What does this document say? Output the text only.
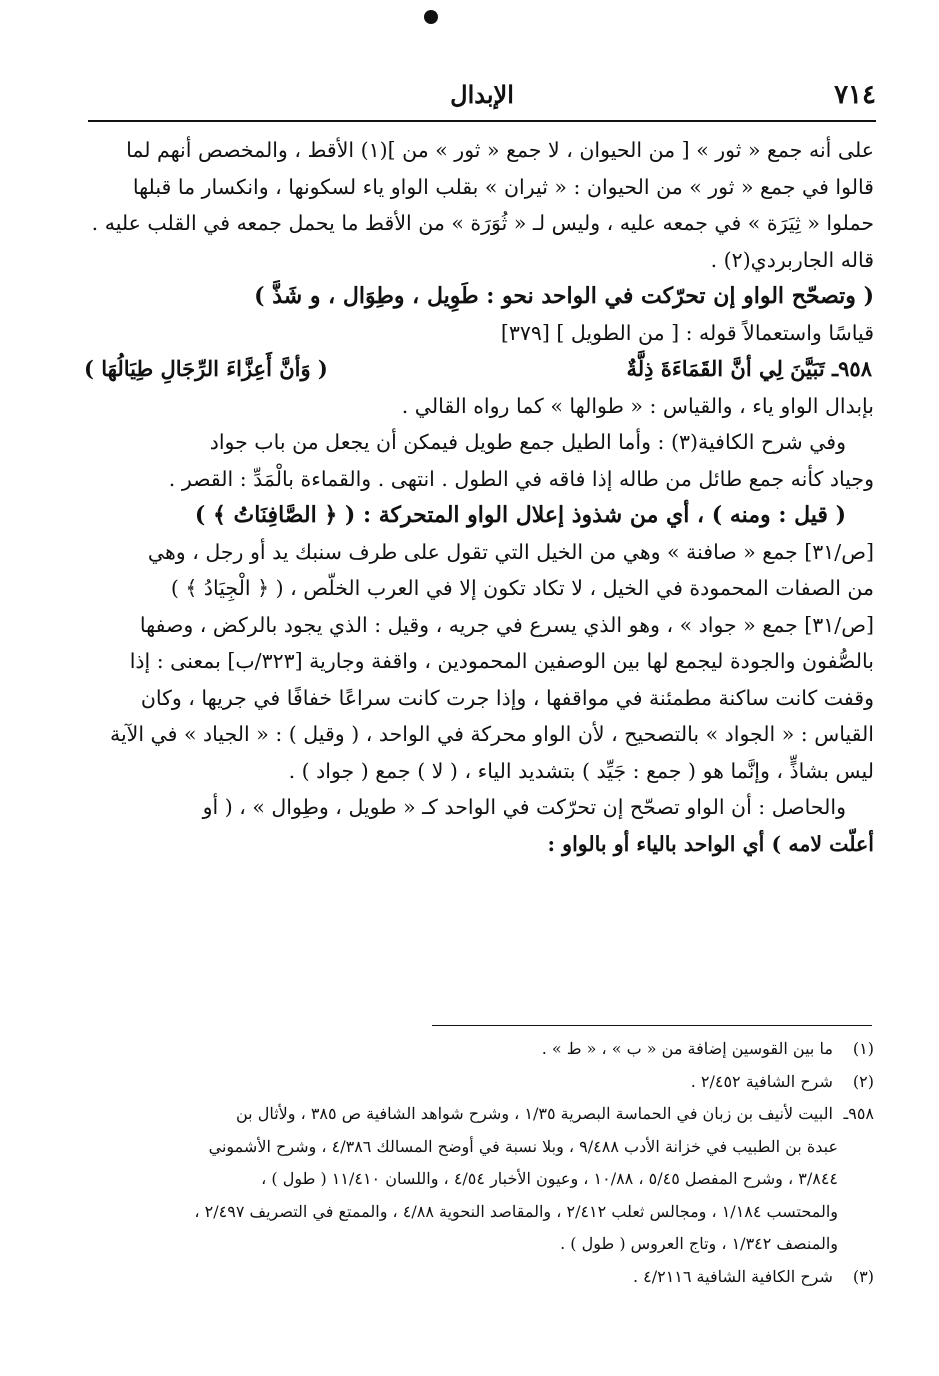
٧١٤
الإبدال
على أنه جمع « ثور » [ من الحيوان ، لا جمع « ثور » من ](١) الأقط ، والمخصص أنهم لما
قالوا في جمع « ثور » من الحيوان : « ثيران » بقلب الواو ياء لسكونها ، وانكسار ما قبلها
حملوا « ثِيَرَة » في جمعه عليه ، وليس لـ « ثُوَرَة » من الأقط ما يحمل جمعه في القلب عليه .
قاله الجاربردي(٢) .
( وتصحّح الواو إن تحرّكت في الواحد نحو : طَوِيل ، وطِوَال ، و شَذَّ )
قياسًا واستعمالاً قوله : [ من الطويل ] [٣٧٩]
٩٥٨ـ تَبَيَّنَ لِي أنَّ القَمَاءَةَ ذِلَّةٌ
( وَأنَّ أَعِزَّاءَ الرِّجَالِ طِيَالُهَا )
بإبدال الواو ياء ، والقياس : « طوالها » كما رواه القالي .
وفي شرح الكافية(٣) : وأما الطيل جمع طويل فيمكن أن يجعل من باب جواد
وجياد كأنه جمع طائل من طاله إذا فاقه في الطول . انتهى . والقماءة بالْمَدِّ : القصر .
( قيل : ومنه ) ، أي من شذوذ إعلال الواو المتحركة : ( ﴿ الصَّافِنَاتُ ﴾ )
[ص/٣١] جمع « صافنة » وهي من الخيل التي تقول على طرف سنبك يد أو رجل ، وهي
من الصفات المحمودة في الخيل ، لا تكاد تكون إلا في العرب الخلّص ، ( ﴿ الْجِيَادُ ﴾ )
[ص/٣١] جمع « جواد » ، وهو الذي يسرع في جريه ، وقيل : الذي يجود بالركض ، وصفها
بالصُّفون والجودة ليجمع لها بين الوصفين المحمودين ، واقفة وجارية [٣٢٣/ب] بمعنى : إذا
وقفت كانت ساكنة مطمئنة في مواقفها ، وإذا جرت كانت سراعًا خفافًا في جريها ، وكان
القياس : « الجواد » بالتصحيح ، لأن الواو محركة في الواحد ، ( وقيل ) : « الجياد » في الآية
ليس بشاذٍّ ، وإنَّما هو ( جمع : جَيِّد ) بتشديد الياء ، ( لا ) جمع ( جواد ) .
والحاصل : أن الواو تصحّح إن تحرّكت في الواحد كـ « طويل ، وطِوال » ، ( أو
أعلّت لامه ) أي الواحد بالياء أو بالواو :
(١) ما بين القوسين إضافة من « ب » ، « ط » .
(٢) شرح الشافية ٢/٤٥٢ .
٩٥٨ـ البيت لأنيف بن زبان في الحماسة البصرية ١/٣٥ ، وشرح شواهد الشافية ص ٣٨٥ ، ولأثال بن
عبدة بن الطبيب في خزانة الأدب ٩/٤٨٨ ، وبلا نسبة في أوضح المسالك ٤/٣٨٦ ، وشرح الأشموني
٣/٨٤٤ ، وشرح المفصل ٥/٤٥ ، ١٠/٨٨ ، وعيون الأخبار ٤/٥٤ ، واللسان ١١/٤١٠ ( طول ) ،
والمحتسب ١/١٨٤ ، ومجالس ثعلب ٢/٤١٢ ، والمقاصد النحوية ٤/٨٨ ، والممتع في التصريف ٢/٤٩٧ ،
والمنصف ١/٣٤٢ ، وتاج العروس ( طول ) .
(٣) شرح الكافية الشافية ٤/٢١١٦ .
